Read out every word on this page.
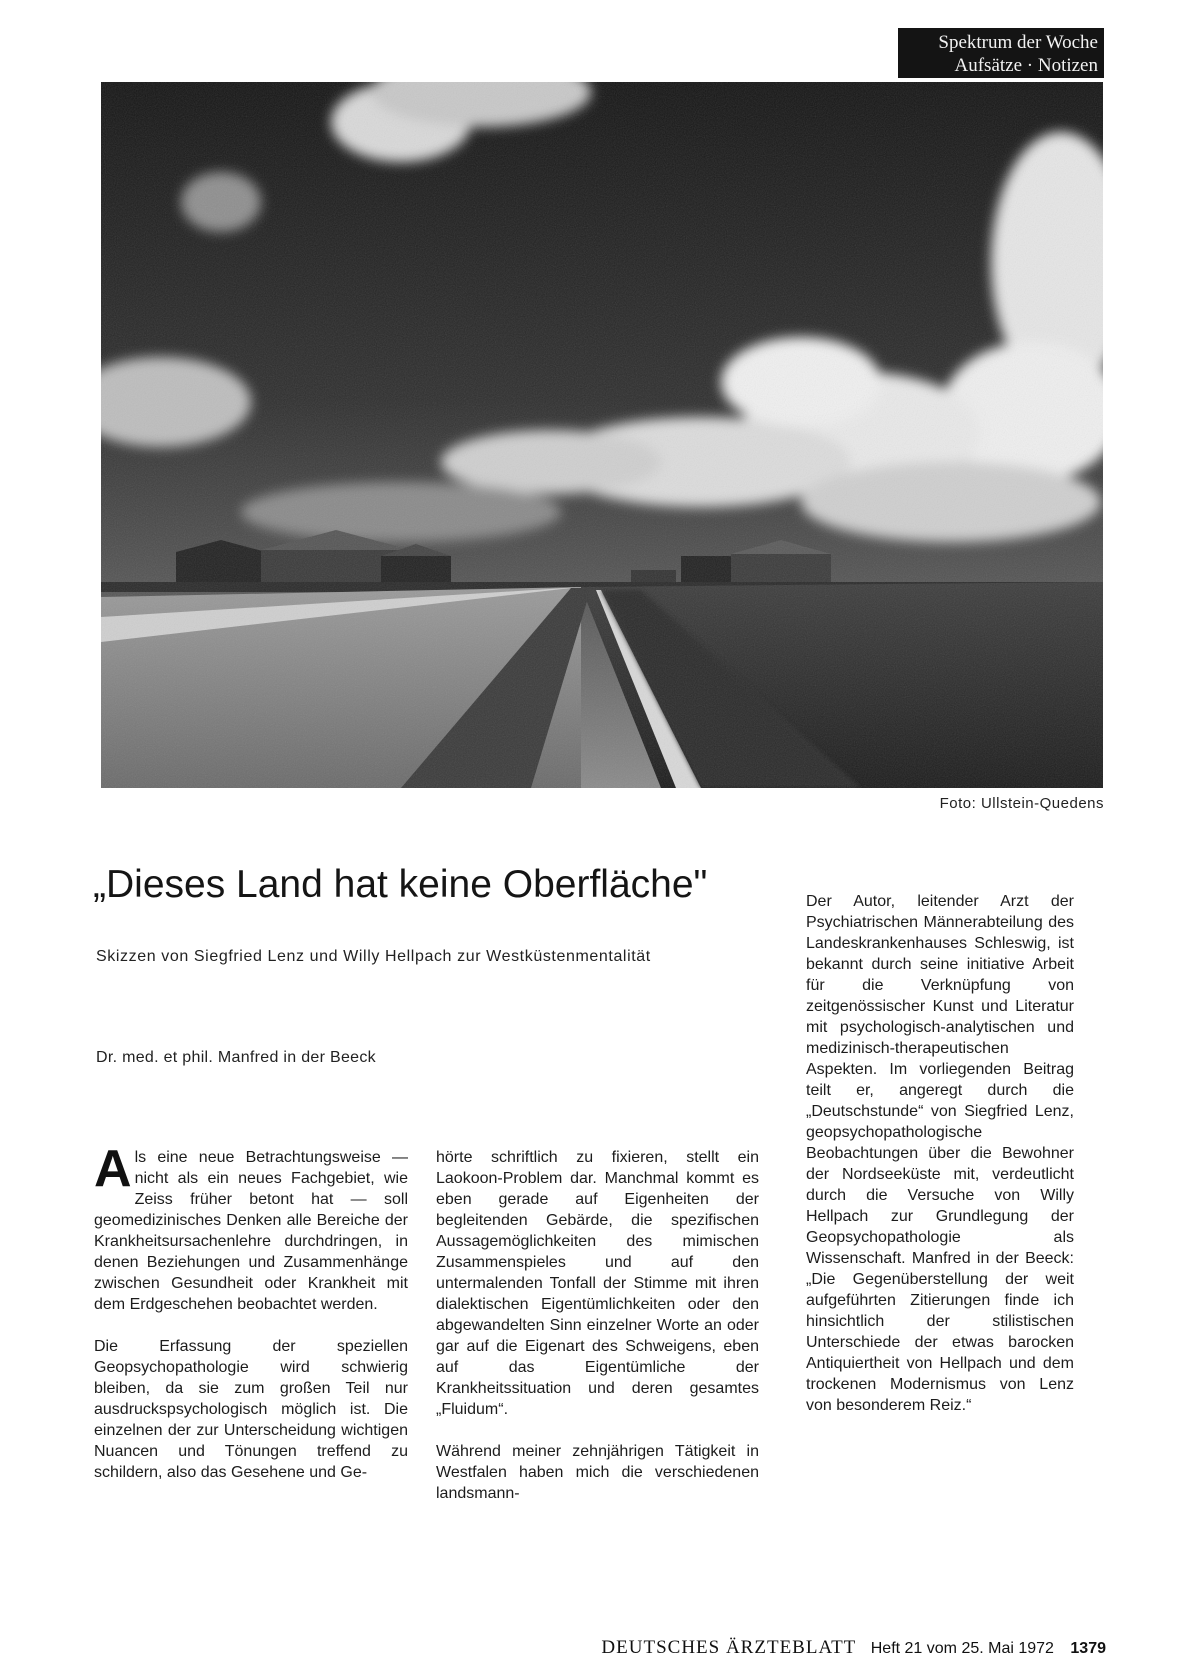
Spektrum der Woche
Aufsätze · Notizen
Foto: Ullstein-Quedens
„Dieses Land hat keine Oberfläche"
Skizzen von Siegfried Lenz und Willy Hellpach zur Westküstenmentalität
Dr. med. et phil. Manfred in der Beeck

Als eine neue Betrachtungsweise — nicht als ein neues Fachgebiet, wie Zeiss früher betont hat — soll geomedizinisches Denken alle Bereiche der Krankheitsursachenlehre durchdringen, in denen Beziehungen und Zusammenhänge zwischen Gesundheit oder Krankheit mit dem Erdgeschehen beobachtet werden.

Die Erfassung der speziellen Geopsychopathologie wird schwierig bleiben, da sie zum großen Teil nur ausdruckspsychologisch möglich ist. Die einzelnen der zur Unterscheidung wichtigen Nuancen und Tönungen treffend zu schildern, also das Gesehene und Ge-

hörte schriftlich zu fixieren, stellt ein Laokoon-Problem dar. Manchmal kommt es eben gerade auf Eigenheiten der begleitenden Gebärde, die spezifischen Aussagemöglichkeiten des mimischen Zusammenspieles und auf den untermalenden Tonfall der Stimme mit ihren dialektischen Eigentümlichkeiten oder den abgewandelten Sinn einzelner Worte an oder gar auf die Eigenart des Schweigens, eben auf das Eigentümliche der Krankheitssituation und deren gesamtes „Fluidum“.

Während meiner zehnjährigen Tätigkeit in Westfalen haben mich die verschiedenen landsmann-

Der Autor, leitender Arzt der Psychiatrischen Männerabteilung des Landeskrankenhauses Schleswig, ist bekannt durch seine initiative Arbeit für die Verknüpfung von zeitgenössischer Kunst und Literatur mit psychologisch-analytischen und medizinisch-therapeutischen Aspekten. Im vorliegenden Beitrag teilt er, angeregt durch die „Deutschstunde“ von Siegfried Lenz, geopsychopathologische Beobachtungen über die Bewohner der Nordseeküste mit, verdeutlicht durch die Versuche von Willy Hellpach zur Grundlegung der Geopsychopathologie als Wissenschaft. Manfred in der Beeck: „Die Gegenüberstellung der weit aufgeführten Zitierungen finde ich hinsichtlich der stilistischen Unterschiede der etwas barocken Antiquiertheit von Hellpach und dem trockenen Modernismus von Lenz von besonderem Reiz.“

DEUTSCHES ÄRZTEBLATT Heft 21 vom 25. Mai 1972 1379
